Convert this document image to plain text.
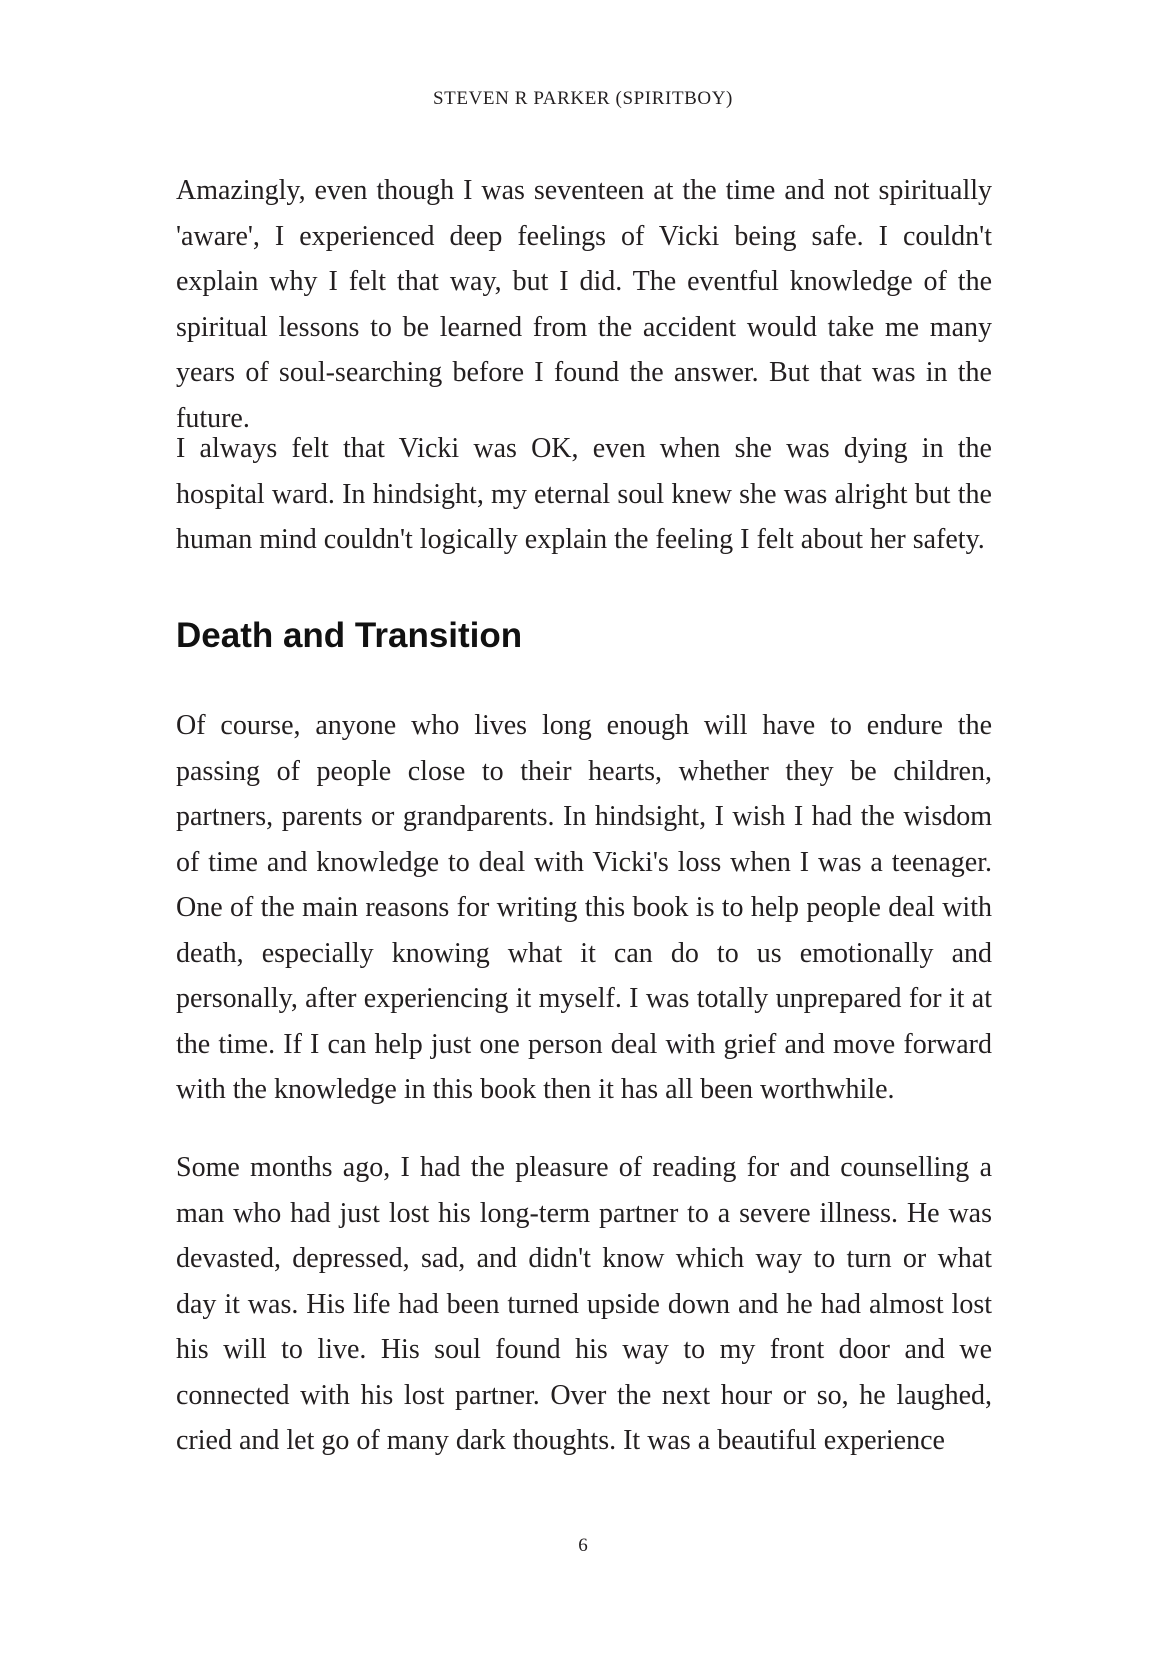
STEVEN R PARKER (SPIRITBOY)

Amazingly, even though I was seventeen at the time and not spiritually 'aware', I experienced deep feelings of Vicki being safe. I couldn't explain why I felt that way, but I did. The eventful knowledge of the spiritual lessons to be learned from the accident would take me many years of soul-searching before I found the answer. But that was in the future.

I always felt that Vicki was OK, even when she was dying in the hospital ward. In hindsight, my eternal soul knew she was alright but the human mind couldn't logically explain the feeling I felt about her safety.

Death and Transition

Of course, anyone who lives long enough will have to endure the passing of people close to their hearts, whether they be children, partners, parents or grandparents. In hindsight, I wish I had the wisdom of time and knowledge to deal with Vicki's loss when I was a teenager. One of the main reasons for writing this book is to help people deal with death, especially knowing what it can do to us emotionally and personally, after experiencing it myself. I was totally unprepared for it at the time. If I can help just one person deal with grief and move forward with the knowledge in this book then it has all been worthwhile.

Some months ago, I had the pleasure of reading for and counselling a man who had just lost his long-term partner to a severe illness. He was devasted, depressed, sad, and didn't know which way to turn or what day it was. His life had been turned upside down and he had almost lost his will to live. His soul found his way to my front door and we connected with his lost partner. Over the next hour or so, he laughed, cried and let go of many dark thoughts. It was a beautiful experience

6
